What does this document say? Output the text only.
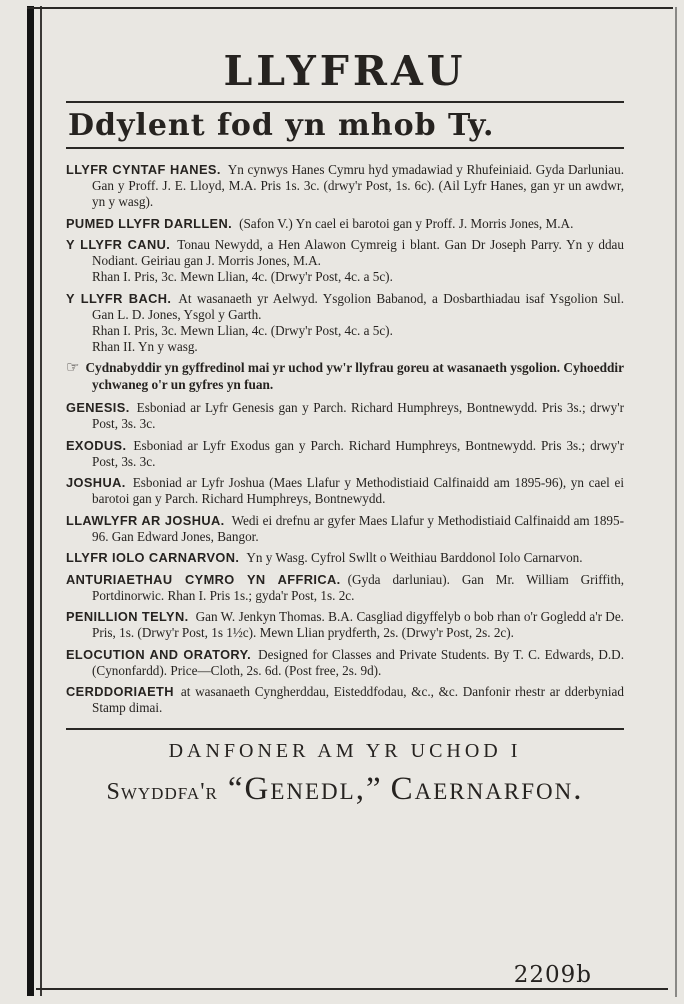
LLYFRAU
Ddylent fod yn mhob Ty.

LLYFR CYNTAF HANES. Yn cynwys Hanes Cymru hyd ymadawiad y Rhufeiniaid. Gyda Darluniau. Gan y Proff. J. E. Lloyd, M.A. Pris 1s. 3c. (drwy'r Post, 1s. 6c). (Ail Lyfr Hanes, gan yr un awdwr, yn y wasg).

PUMED LLYFR DARLLEN. (Safon V.) Yn cael ei barotoi gan y Proff. J. Morris Jones, M.A.

Y LLYFR CANU. Tonau Newydd, a Hen Alawon Cymreig i blant. Gan Dr Joseph Parry. Yn y ddau Nodiant. Geiriau gan J. Morris Jones, M.A.
Rhan I. Pris, 3c. Mewn Llian, 4c. (Drwy'r Post, 4c. a 5c).

Y LLYFR BACH. At wasanaeth yr Aelwyd. Ysgolion Babanod, a Dosbarthiadau isaf Ysgolion Sul. Gan L. D. Jones, Ysgol y Garth.
Rhan I. Pris, 3c. Mewn Llian, 4c. (Drwy'r Post, 4c. a 5c).
Rhan II. Yn y wasg.

☞ Cydnabyddir yn gyffredinol mai yr uchod yw'r llyfrau goreu at wasanaeth ysgolion. Cyhoeddir ychwaneg o'r un gyfres yn fuan.

GENESIS. Esboniad ar Lyfr Genesis gan y Parch. Richard Humphreys, Bontnewydd. Pris 3s.; drwy'r Post, 3s. 3c.

EXODUS. Esboniad ar Lyfr Exodus gan y Parch. Richard Humphreys, Bontnewydd. Pris 3s.; drwy'r Post, 3s. 3c.

JOSHUA. Esboniad ar Lyfr Joshua (Maes Llafur y Methodistiaid Calfinaidd am 1895-96), yn cael ei barotoi gan y Parch. Richard Humphreys, Bontnewydd.

LLAWLYFR AR JOSHUA. Wedi ei drefnu ar gyfer Maes Llafur y Methodistiaid Calfinaidd am 1895-96. Gan Edward Jones, Bangor.

LLYFR IOLO CARNARVON. Yn y Wasg. Cyfrol Swllt o Weithiau Barddonol Iolo Carnarvon.

ANTURIAETHAU CYMRO YN AFFRICA. (Gyda darluniau). Gan Mr. William Griffith, Portdinorwic. Rhan I. Pris 1s.; gyda'r Post, 1s. 2c.

PENILLION TELYN. Gan W. Jenkyn Thomas. B.A. Casgliad digyffelyb o bob rhan o'r Gogledd a'r De. Pris, 1s. (Drwy'r Post, 1s 1½c). Mewn Llian prydferth, 2s. (Drwy'r Post, 2s. 2c).

ELOCUTION AND ORATORY. Designed for Classes and Private Students. By T. C. Edwards, D.D. (Cynonfardd). Price—Cloth, 2s. 6d. (Post free, 2s. 9d).

CERDDORIAETH at wasanaeth Cyngherddau, Eisteddfodau, &c., &c. Danfonir rhestr ar dderbyniad Stamp dimai.

DANFONER AM YR UCHOD I

Swyddfa'r “Genedl,” Caernarfon.

2209b
